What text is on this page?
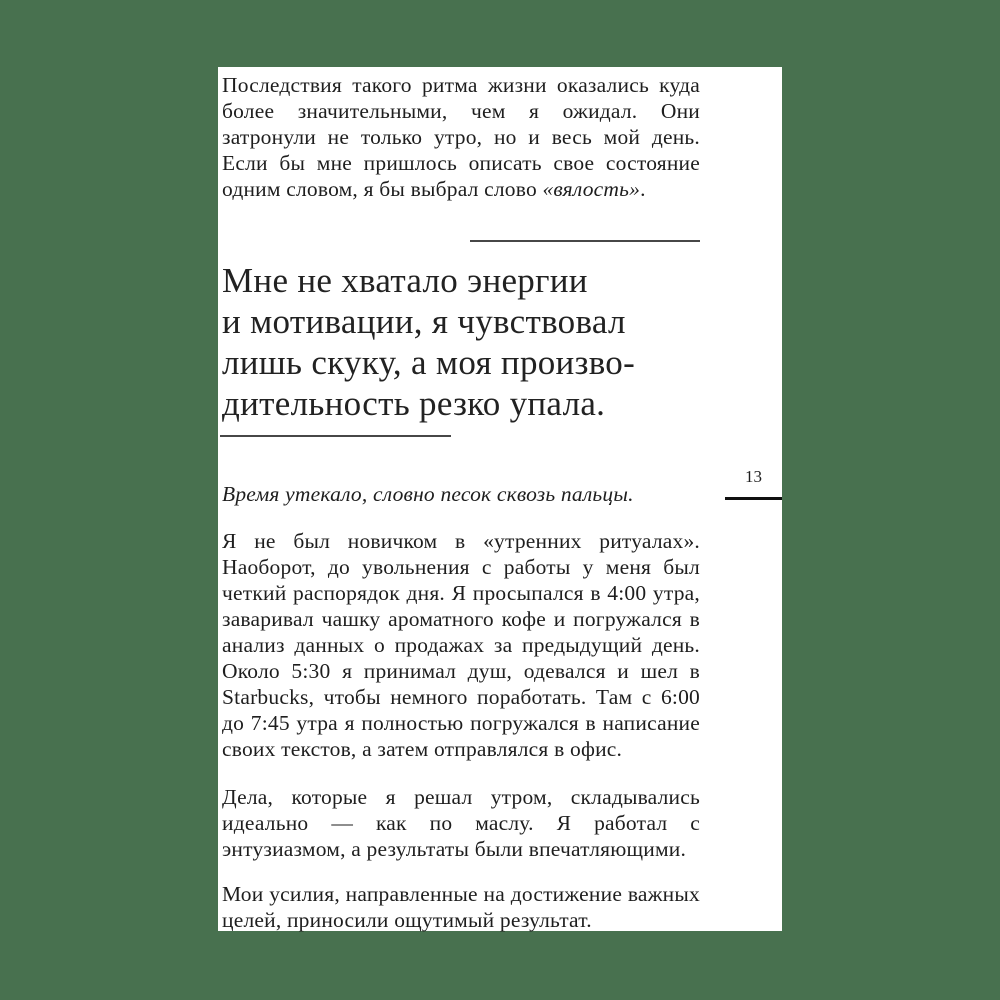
Последствия такого ритма жизни оказались куда более значительными, чем я ожидал. Они затронули не только утро, но и весь мой день. Если бы мне пришлось описать свое состояние одним словом, я бы выбрал слово «вялость».

Мне не хватало энергии
и мотивации, я чувствовал
лишь скуку, а моя произво-
дительность резко упала.

Время утекало, словно песок сквозь пальцы.

Я не был новичком в «утренних ритуалах». Наоборот, до увольнения с работы у меня был четкий распорядок дня. Я просыпался в 4:00 утра, заваривал чашку ароматного кофе и погружался в анализ данных о продажах за предыдущий день. Около 5:30 я принимал душ, одевался и шел в Starbucks, чтобы немного поработать. Там с 6:00 до 7:45 утра я полностью погружался в написание своих текстов, а затем отправлялся в офис.

Дела, которые я решал утром, складывались идеально — как по маслу. Я работал с энтузиазмом, а результаты были впечатляющими.

Мои усилия, направленные на достижение важных целей, приносили ощутимый результат.

13
